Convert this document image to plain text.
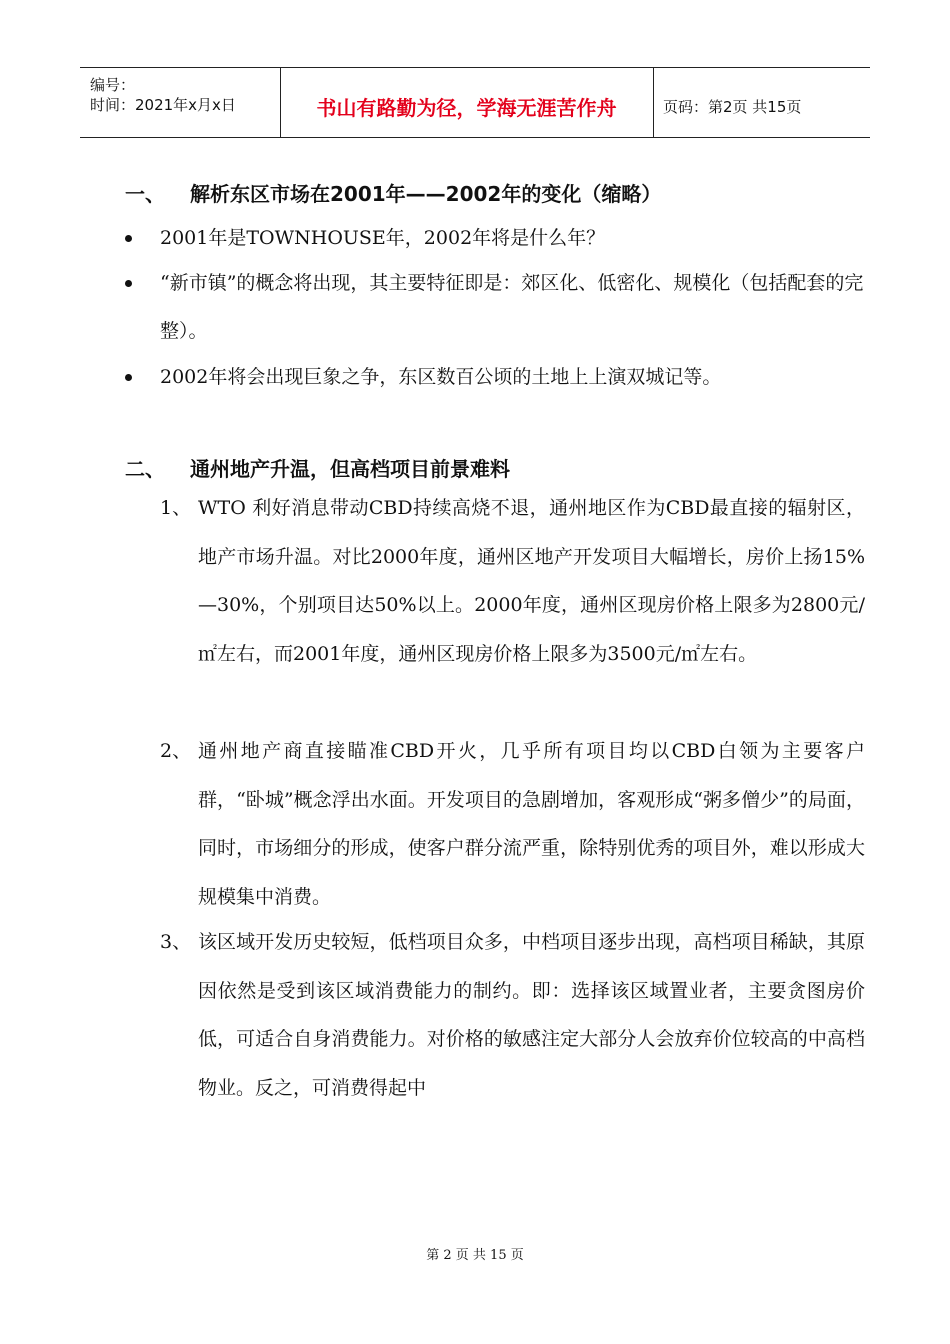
编号：
时间：2021年x月x日	书山有路勤为径，学海无涯苦作舟	页码：第2页 共15页
一、 解析东区市场在2001年——2002年的变化（缩略）
2001年是TOWNHOUSE年，2002年将是什么年？
“新市镇”的概念将出现，其主要特征即是：郊区化、低密化、规模化（包括配套的完整）。
2002年将会出现巨象之争，东区数百公顷的土地上上演双城记等。
二、 通州地产升温，但高档项目前景难料
1、 WTO 利好消息带动CBD持续高烧不退，通州地区作为CBD最直接的辐射区，地产市场升温。对比2000年度，通州区地产开发项目大幅增长，房价上扬15%—30%，个别项目达50%以上。2000年度，通州区现房价格上限多为2800元/㎡左右，而2001年度，通州区现房价格上限多为3500元/㎡左右。
2、 通州地产商直接瞄准CBD开火，几乎所有项目均以CBD白领为主要客户群，“卧城”概念浮出水面。开发项目的急剧增加，客观形成“粥多僧少”的局面，同时，市场细分的形成，使客户群分流严重，除特别优秀的项目外，难以形成大规模集中消费。
3、 该区域开发历史较短，低档项目众多，中档项目逐步出现，高档项目稀缺，其原因依然是受到该区域消费能力的制约。即：选择该区域置业者，主要贪图房价低，可适合自身消费能力。对价格的敏感注定大部分人会放弃价位较高的中高档物业。反之，可消费得起中
第 2 页 共 15 页
